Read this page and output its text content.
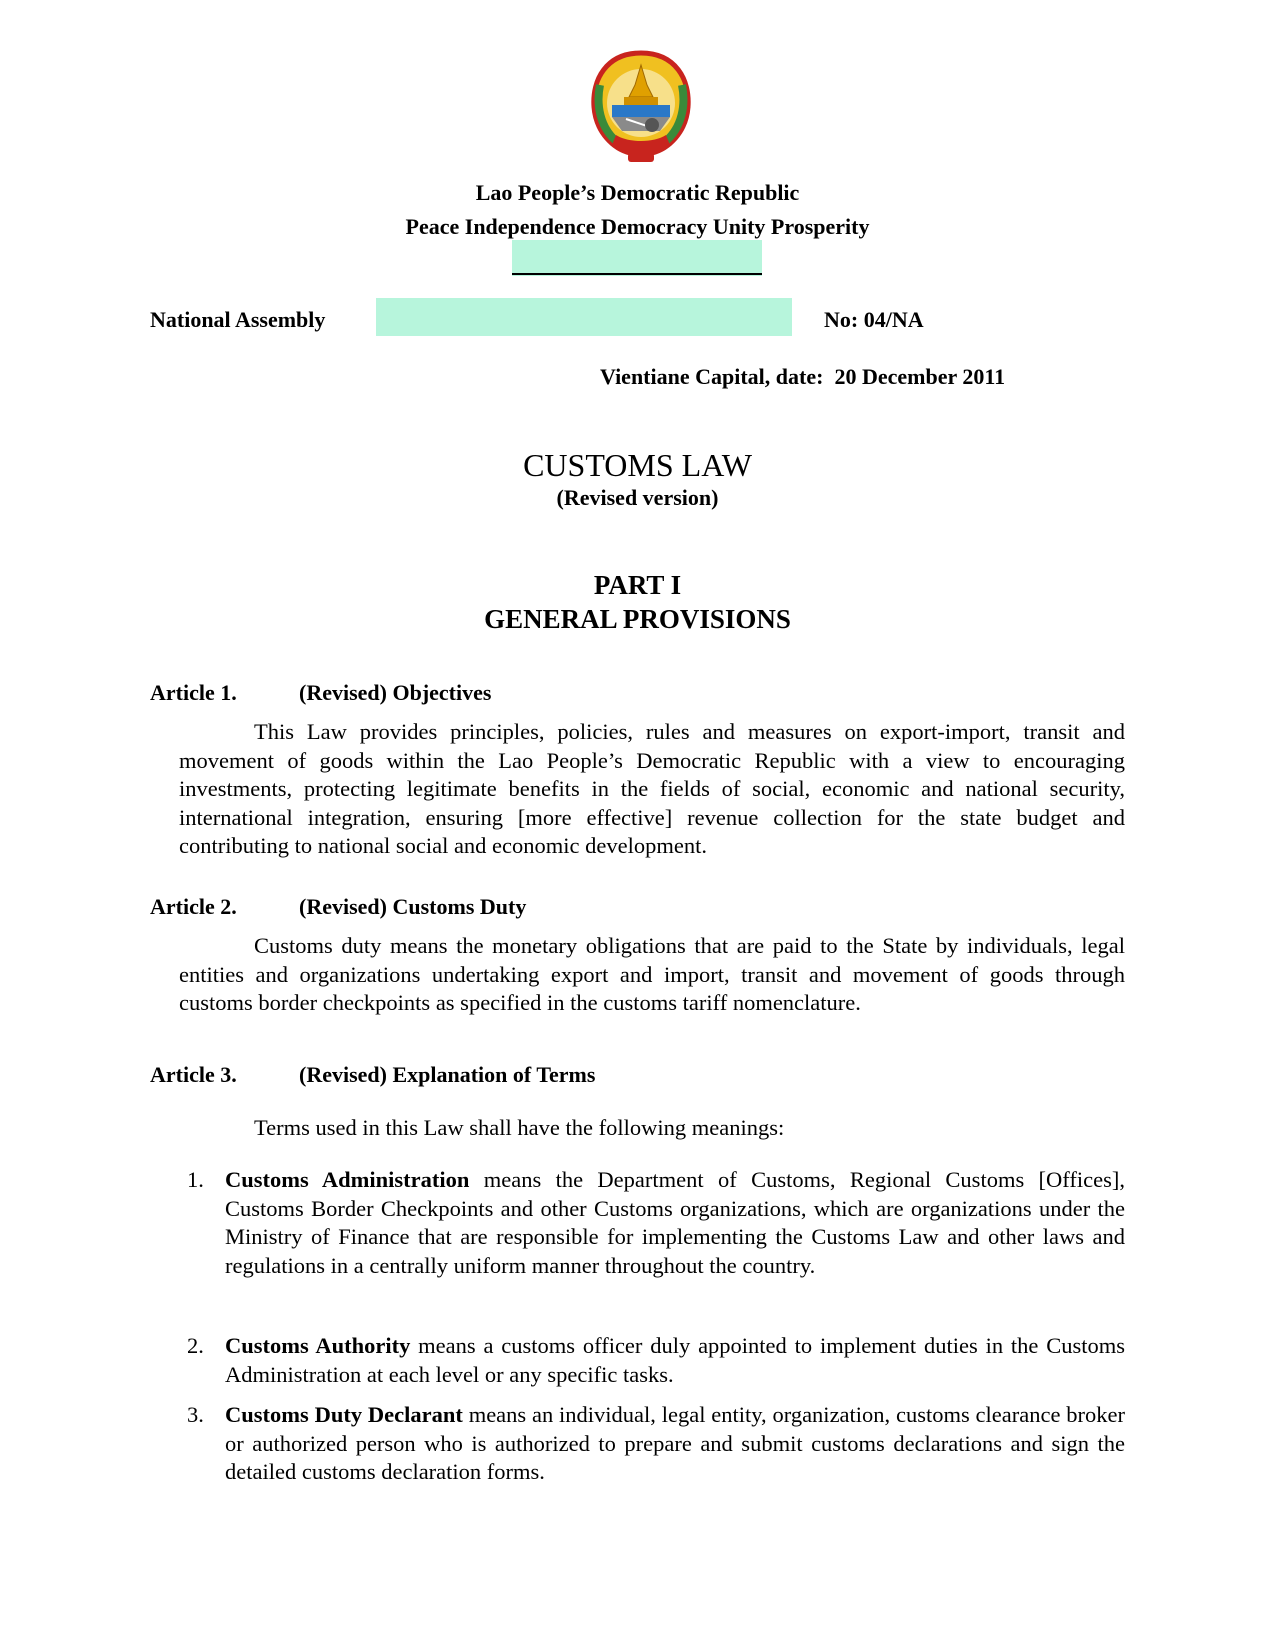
Lao People’s Democratic Republic
Peace Independence Democracy Unity Prosperity
National Assembly	No: 04/NA
Vientiane Capital, date:  20 December 2011
CUSTOMS LAW
(Revised version)
PART I
GENERAL PROVISIONS
Article 1.	(Revised) Objectives
This Law provides principles, policies, rules and measures on export-import, transit and movement of goods within the Lao People’s Democratic Republic with a view to encouraging investments, protecting legitimate benefits in the fields of social, economic and national security, international integration, ensuring [more effective] revenue collection for the state budget and contributing to national social and economic development.
Article 2.	(Revised) Customs Duty
Customs duty means the monetary obligations that are paid to the State by individuals, legal entities and organizations undertaking export and import, transit and movement of goods through customs border checkpoints as specified in the customs tariff nomenclature.
Article 3.	(Revised) Explanation of Terms
Terms used in this Law shall have the following meanings:
1. Customs Administration means the Department of Customs, Regional Customs [Offices], Customs Border Checkpoints and other Customs organizations, which are organizations under the Ministry of Finance that are responsible for implementing the Customs Law and other laws and regulations in a centrally uniform manner throughout the country.
2. Customs Authority means a customs officer duly appointed to implement duties in the Customs Administration at each level or any specific tasks.
3. Customs Duty Declarant means an individual, legal entity, organization, customs clearance broker or authorized person who is authorized to prepare and submit customs declarations and sign the detailed customs declaration forms.
